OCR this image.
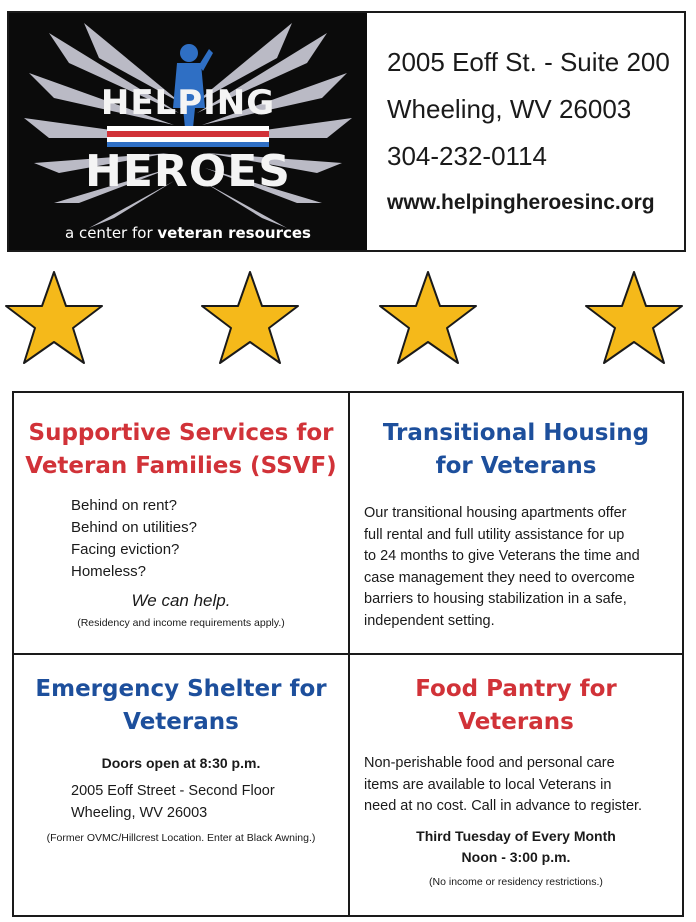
HELPING
HEROES
a center for veteran resources
2005 Eoff St. - Suite 200
Wheeling, WV 26003
304-232-0114
www.helpingheroesinc.org
Supportive Services for
Veteran Families (SSVF)
Behind on rent?
Behind on utilities?
Facing eviction?
Homeless?
We can help.
(Residency and income requirements apply.)
Transitional Housing
for Veterans
Our transitional housing apartments offer
full rental and full utility assistance for up
to 24 months to give Veterans the time and
case management they need to overcome
barriers to housing stabilization in a safe,
independent setting.
Emergency Shelter for
Veterans
Doors open at 8:30 p.m.
2005 Eoff Street - Second Floor
Wheeling, WV 26003
(Former OVMC/Hillcrest Location. Enter at Black Awning.)
Food Pantry for
Veterans
Non-perishable food and personal care
items are available to local Veterans in
need at no cost. Call in advance to register.
Third Tuesday of Every Month
Noon - 3:00 p.m.
(No income or residency restrictions.)
